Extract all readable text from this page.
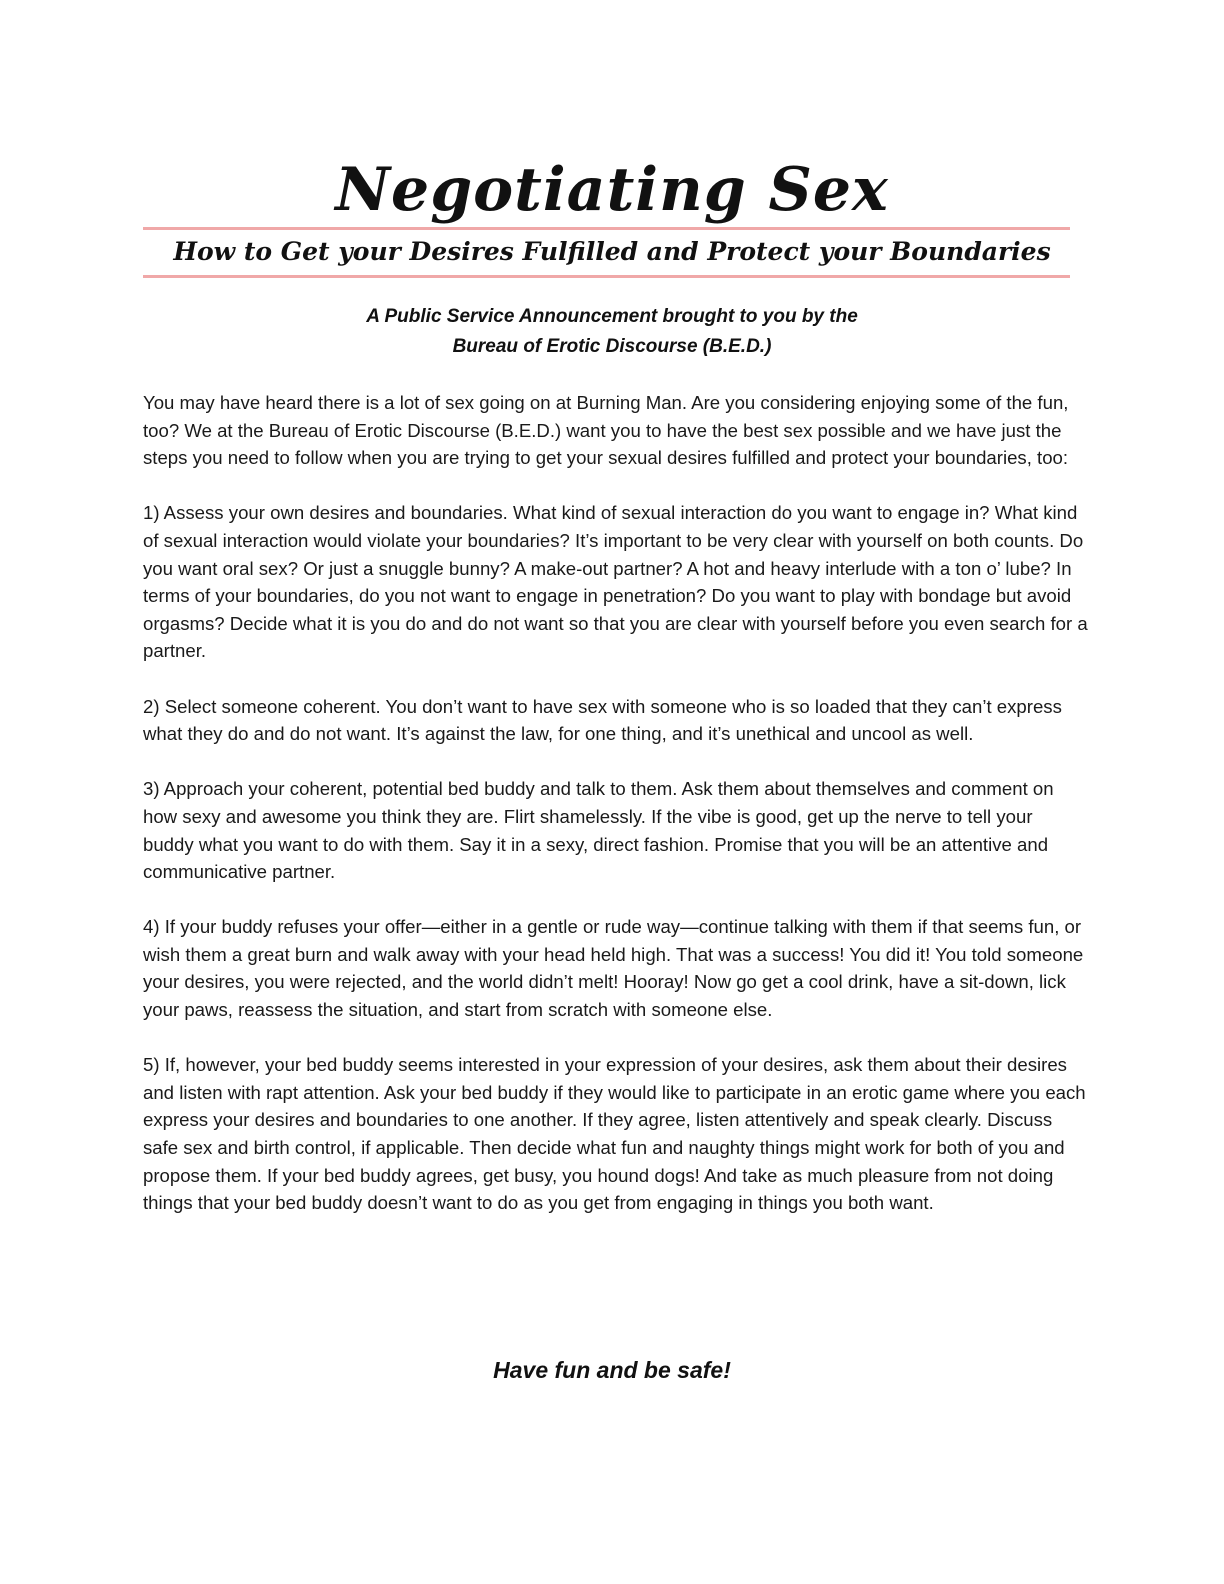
Negotiating Sex
How to Get your Desires Fulfilled and Protect your Boundaries
A Public Service Announcement brought to you by the
Bureau of Erotic Discourse (B.E.D.)

You may have heard there is a lot of sex going on at Burning Man. Are you considering enjoying some of the fun, too? We at the Bureau of Erotic Discourse (B.E.D.) want you to have the best sex possible and we have just the steps you need to follow when you are trying to get your sexual desires fulfilled and protect your boundaries, too:

1) Assess your own desires and boundaries. What kind of sexual interaction do you want to engage in? What kind of sexual interaction would violate your boundaries? It’s important to be very clear with yourself on both counts. Do you want oral sex? Or just a snuggle bunny? A make-out partner? A hot and heavy interlude with a ton o’ lube? In terms of your boundaries, do you not want to engage in penetration? Do you want to play with bondage but avoid orgasms? Decide what it is you do and do not want so that you are clear with yourself before you even search for a partner.

2) Select someone coherent. You don’t want to have sex with someone who is so loaded that they can’t express what they do and do not want. It’s against the law, for one thing, and it’s unethical and uncool as well.

3) Approach your coherent, potential bed buddy and talk to them. Ask them about themselves and comment on how sexy and awesome you think they are. Flirt shamelessly. If the vibe is good, get up the nerve to tell your buddy what you want to do with them. Say it in a sexy, direct fashion. Promise that you will be an attentive and communicative partner.

4) If your buddy refuses your offer—either in a gentle or rude way—continue talking with them if that seems fun, or wish them a great burn and walk away with your head held high. That was a success! You did it! You told someone your desires, you were rejected, and the world didn’t melt! Hooray! Now go get a cool drink, have a sit-down, lick your paws, reassess the situation, and start from scratch with someone else.

5) If, however, your bed buddy seems interested in your expression of your desires, ask them about their desires and listen with rapt attention. Ask your bed buddy if they would like to participate in an erotic game where you each express your desires and boundaries to one another. If they agree, listen attentively and speak clearly. Discuss safe sex and birth control, if applicable. Then decide what fun and naughty things might work for both of you and propose them. If your bed buddy agrees, get busy, you hound dogs! And take as much pleasure from not doing things that your bed buddy doesn’t want to do as you get from engaging in things you both want.

Have fun and be safe!
